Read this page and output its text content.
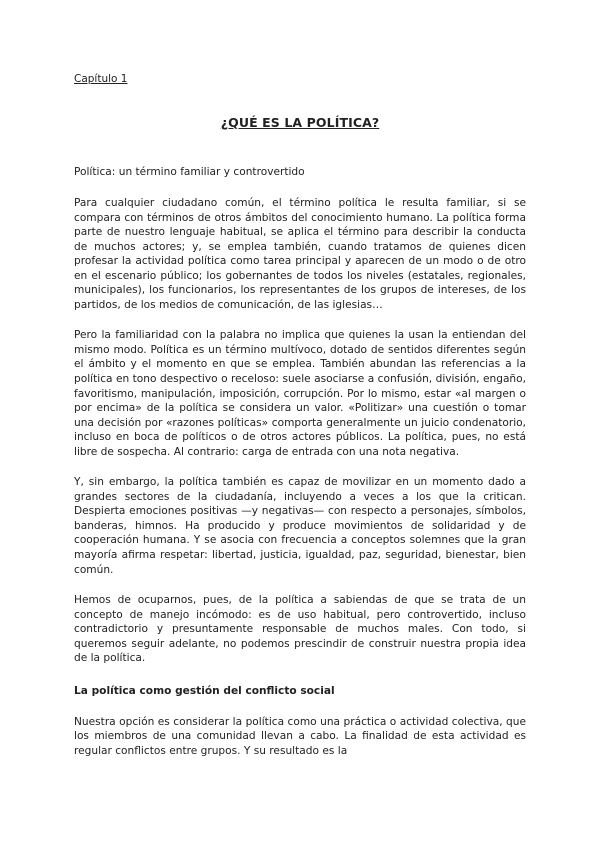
Capítulo 1

¿QUÉ ES LA POLÍTICA?

Política: un término familiar y controvertido

Para cualquier ciudadano común, el término política le resulta familiar, si se compara con términos de otros ámbitos del conocimiento humano. La política forma parte de nuestro lenguaje habitual, se aplica el término para describir la conducta de muchos actores; y, se emplea también, cuando tratamos de quienes dicen profesar la actividad política como tarea principal y aparecen de un modo o de otro en el escenario público; los gobernantes de todos los niveles (estatales, regionales, municipales), los funcionarios, los representantes de los grupos de intereses, de los partidos, de los medios de comunicación, de las iglesias…

Pero la familiaridad con la palabra no implica que quienes la usan la entiendan del mismo modo. Política es un término multívoco, dotado de sentidos diferentes según el ámbito y el momento en que se emplea. También abundan las referencias a la política en tono despectivo o receloso: suele asociarse a confusión, división, engaño, favoritismo, manipulación, imposición, corrupción. Por lo mismo, estar «al margen o por encima» de la política se considera un valor. «Politizar» una cuestión o tomar una decisión por «razones políticas» comporta generalmente un juicio condenatorio, incluso en boca de políticos o de otros actores públicos. La política, pues, no está libre de sospecha. Al contrario: carga de entrada con una nota negativa.

Y, sin embargo, la política también es capaz de movilizar en un momento dado a grandes sectores de la ciudadanía, incluyendo a veces a los que la critican. Despierta emociones positivas —y negativas— con respecto a personajes, símbolos, banderas, himnos. Ha producido y produce movimientos de solidaridad y de cooperación humana. Y se asocia con frecuencia a conceptos solemnes que la gran mayoría afirma respetar: libertad, justicia, igualdad, paz, seguridad, bienestar, bien común.

Hemos de ocuparnos, pues, de la política a sabiendas de que se trata de un concepto de manejo incómodo: es de uso habitual, pero controvertido, incluso contradictorio y presuntamente responsable de muchos males. Con todo, si queremos seguir adelante, no podemos prescindir de construir nuestra propia idea de la política.

La política como gestión del conflicto social

Nuestra opción es considerar la política como una práctica o actividad colectiva, que los miembros de una comunidad llevan a cabo. La finalidad de esta actividad es regular conflictos entre grupos. Y su resultado es la
